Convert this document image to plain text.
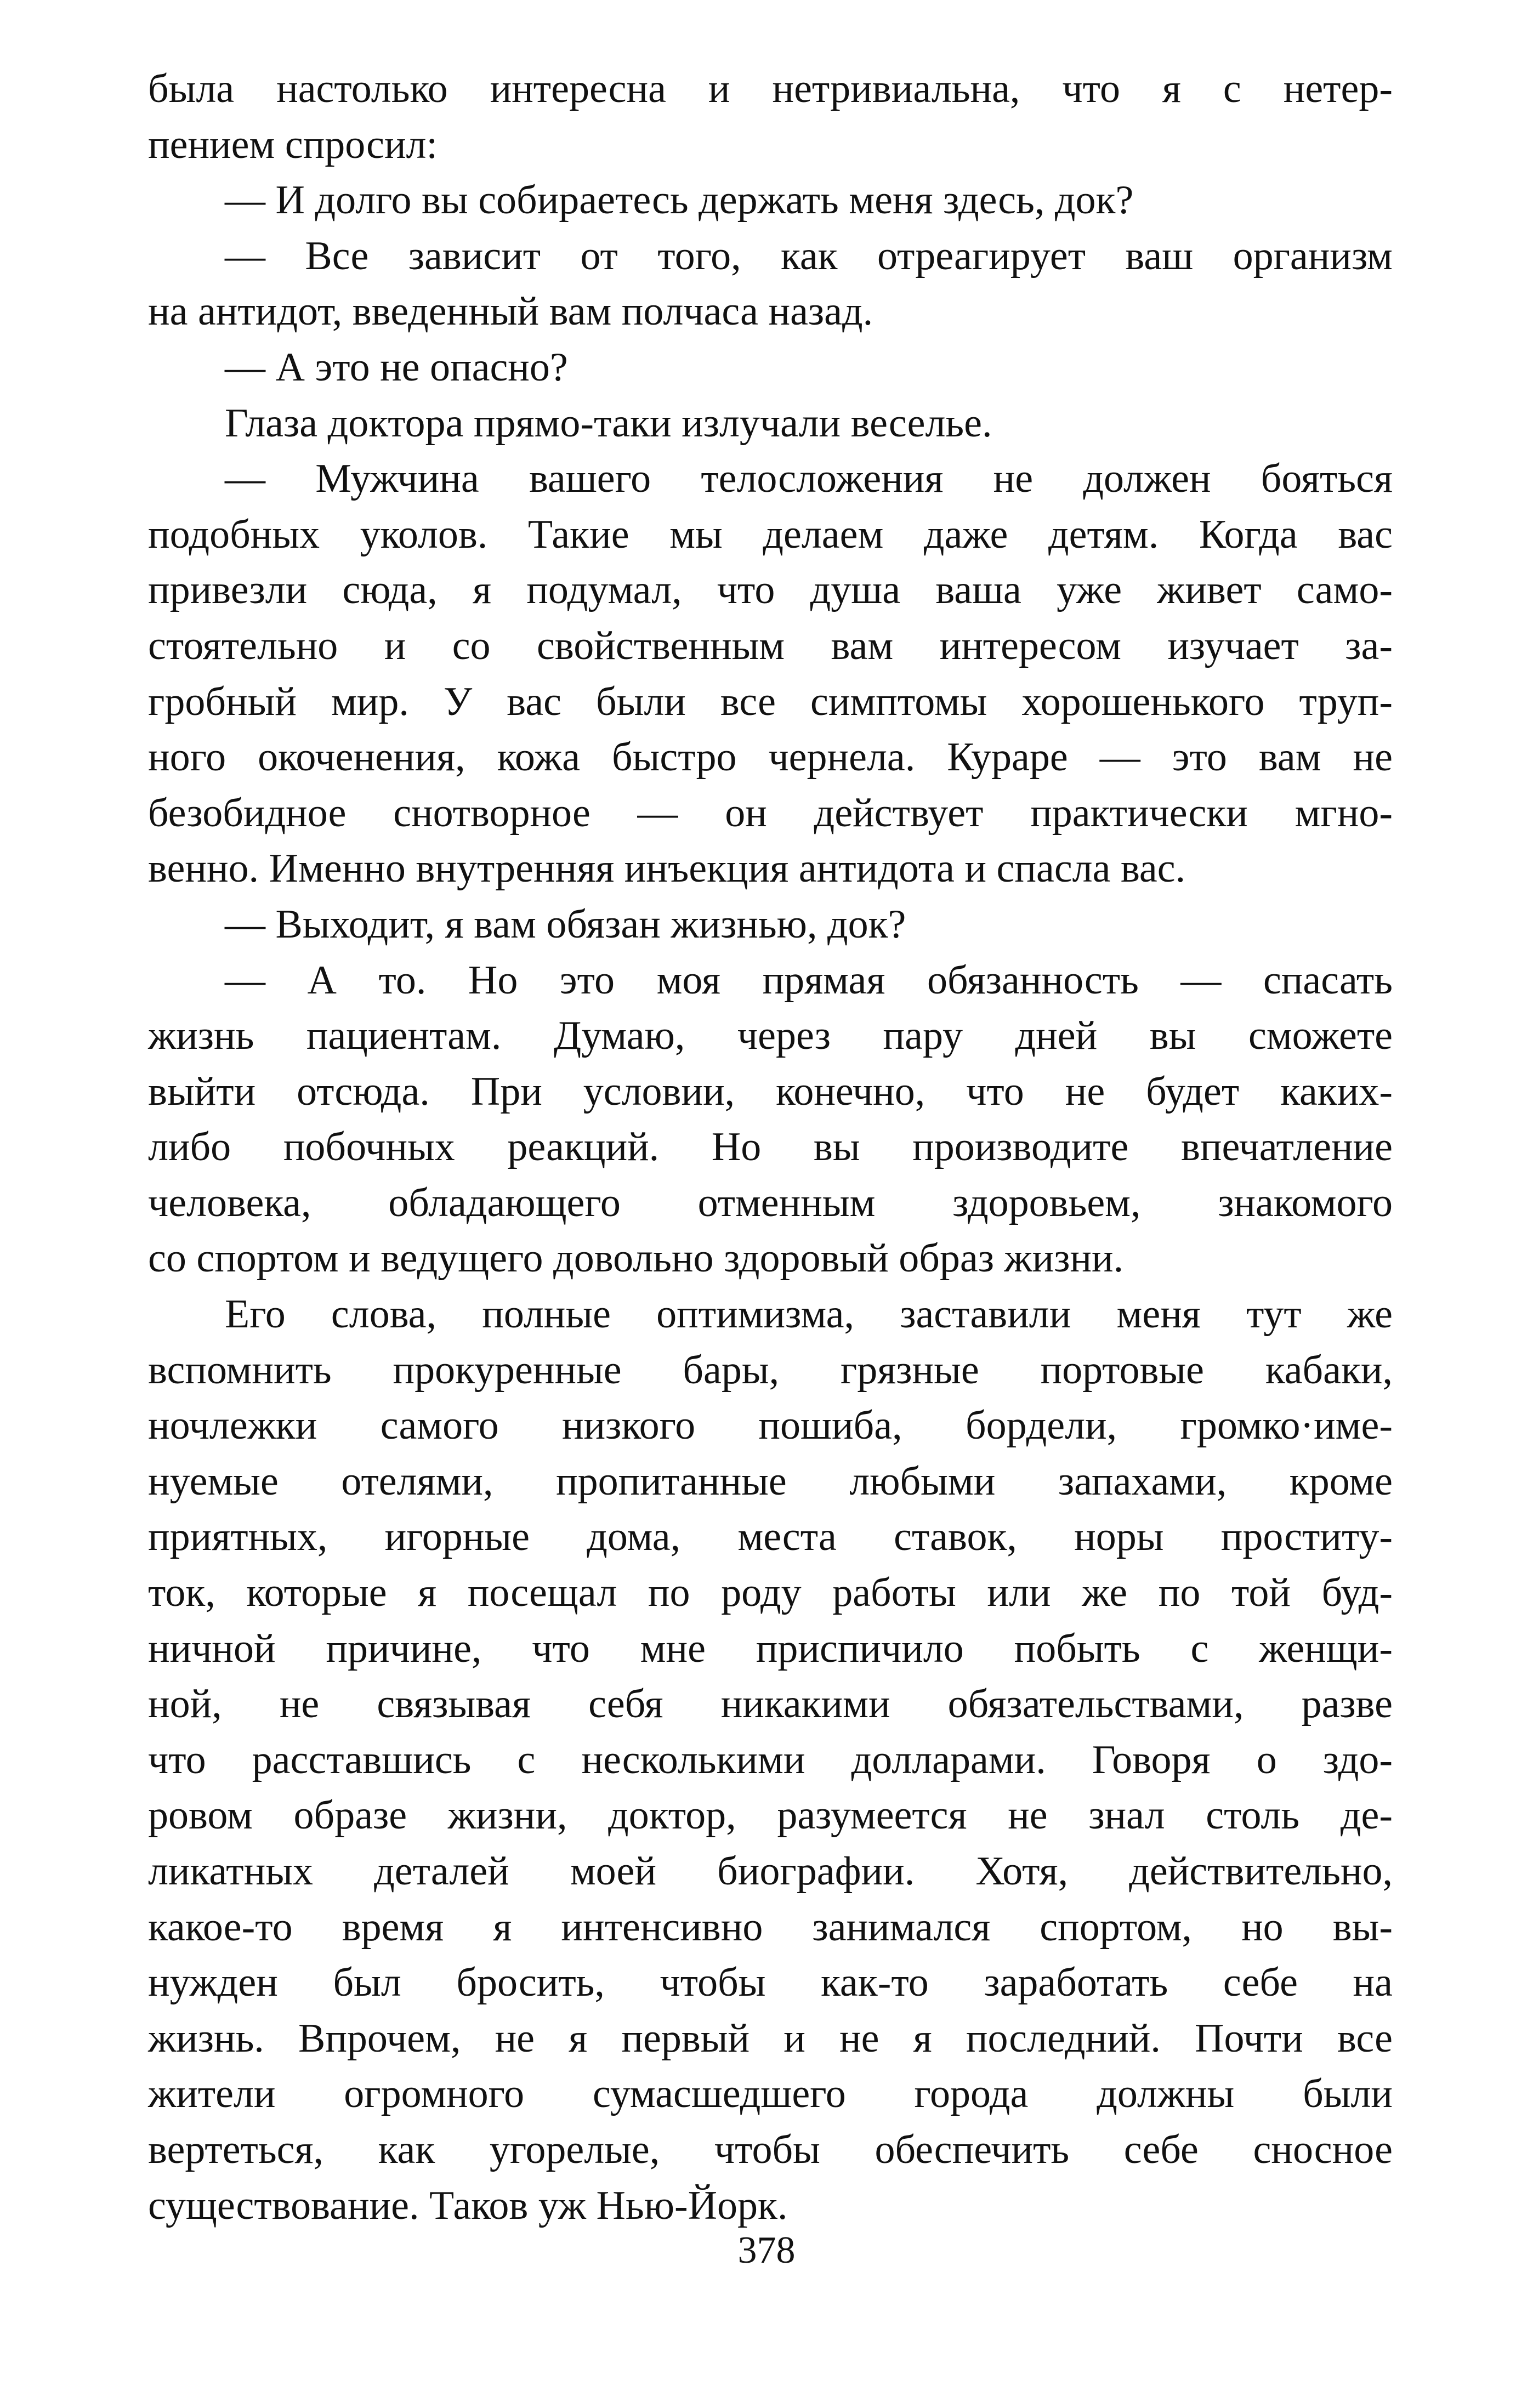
была настолько интересна и нетривиальна, что я с нетер-
пением спросил:
— И долго вы собираетесь держать меня здесь, док?
— Все зависит от того, как отреагирует ваш организм
на антидот, введенный вам полчаса назад.
— А это не опасно?
Глаза доктора прямо-таки излучали веселье.
— Мужчина вашего телосложения не должен бояться
подобных уколов. Такие мы делаем даже детям. Когда вас
привезли сюда, я подумал, что душа ваша уже живет само-
стоятельно и со свойственным вам интересом изучает за-
гробный мир. У вас были все симптомы хорошенького труп-
ного окоченения, кожа быстро чернела. Кураре — это вам не
безобидное снотворное — он действует практически мгно-
венно. Именно внутренняя инъекция антидота и спасла вас.
— Выходит, я вам обязан жизнью, док?
— А то. Но это моя прямая обязанность — спасать
жизнь пациентам. Думаю, через пару дней вы сможете
выйти отсюда. При условии, конечно, что не будет каких-
либо побочных реакций. Но вы производите впечатление
человека, обладающего отменным здоровьем, знакомого
со спортом и ведущего довольно здоровый образ жизни.
Его слова, полные оптимизма, заставили меня тут же
вспомнить прокуренные бары, грязные портовые кабаки,
ночлежки самого низкого пошиба, бордели, громко·име-
нуемые отелями, пропитанные любыми запахами, кроме
приятных, игорные дома, места ставок, норы проститу-
ток, которые я посещал по роду работы или же по той буд-
ничной причине, что мне приспичило побыть с женщи-
ной, не связывая себя никакими обязательствами, разве
что расставшись с несколькими долларами. Говоря о здо-
ровом образе жизни, доктор, разумеется не знал столь де-
ликатных деталей моей биографии. Хотя, действительно,
какое-то время я интенсивно занимался спортом, но вы-
нужден был бросить, чтобы как-то заработать себе на
жизнь. Впрочем, не я первый и не я последний. Почти все
жители огромного сумасшедшего города должны были
вертеться, как угорелые, чтобы обеспечить себе сносное
существование. Таков уж Нью-Йорк.
378
